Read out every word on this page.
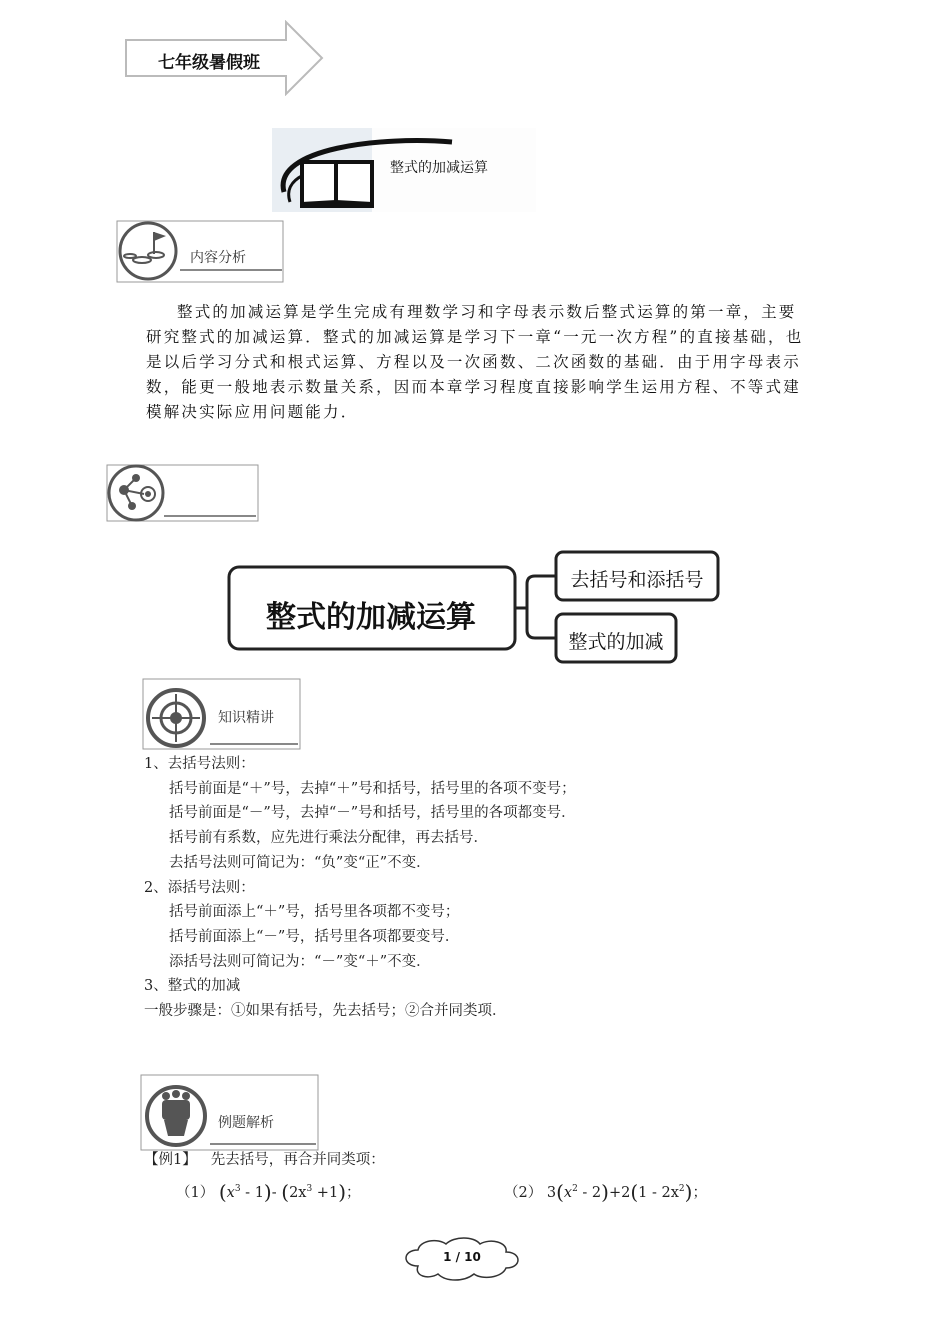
七年级暑假班
整式的加减运算
内容分析
整式的加减运算是学生完成有理数学习和字母表示数后整式运算的第一章，主要研究整式的加减运算．整式的加减运算是学习下一章“一元一次方程”的直接基础，也是以后学习分式和根式运算、方程以及一次函数、二次函数的基础．由于用字母表示数，能更一般地表示数量关系，因而本章学习程度直接影响学生运用方程、不等式建模解决实际应用问题能力．
整式的加减运算
去括号和添括号
整式的加减
知识精讲
1、去括号法则：
括号前面是“＋”号，去掉“＋”号和括号，括号里的各项不变号；
括号前面是“－”号，去掉“－”号和括号，括号里的各项都变号．
括号前有系数，应先进行乘法分配律，再去括号．
去括号法则可简记为：“负”变“正”不变．
2、添括号法则：
括号前面添上“＋”号，括号里各项都不变号；
括号前面添上“－”号，括号里各项都要变号．
添括号法则可简记为：“－”变“＋”不变．
3、整式的加减
一般步骤是：①如果有括号，先去括号；②合并同类项．
例题解析
【例1】 先去括号，再合并同类项：
（1） $(x^3 - 1)-$ $(2x^3 +1)$；	（2） $3(x^2 - 2)+2(1 - 2x^2)$；
1 / 10
